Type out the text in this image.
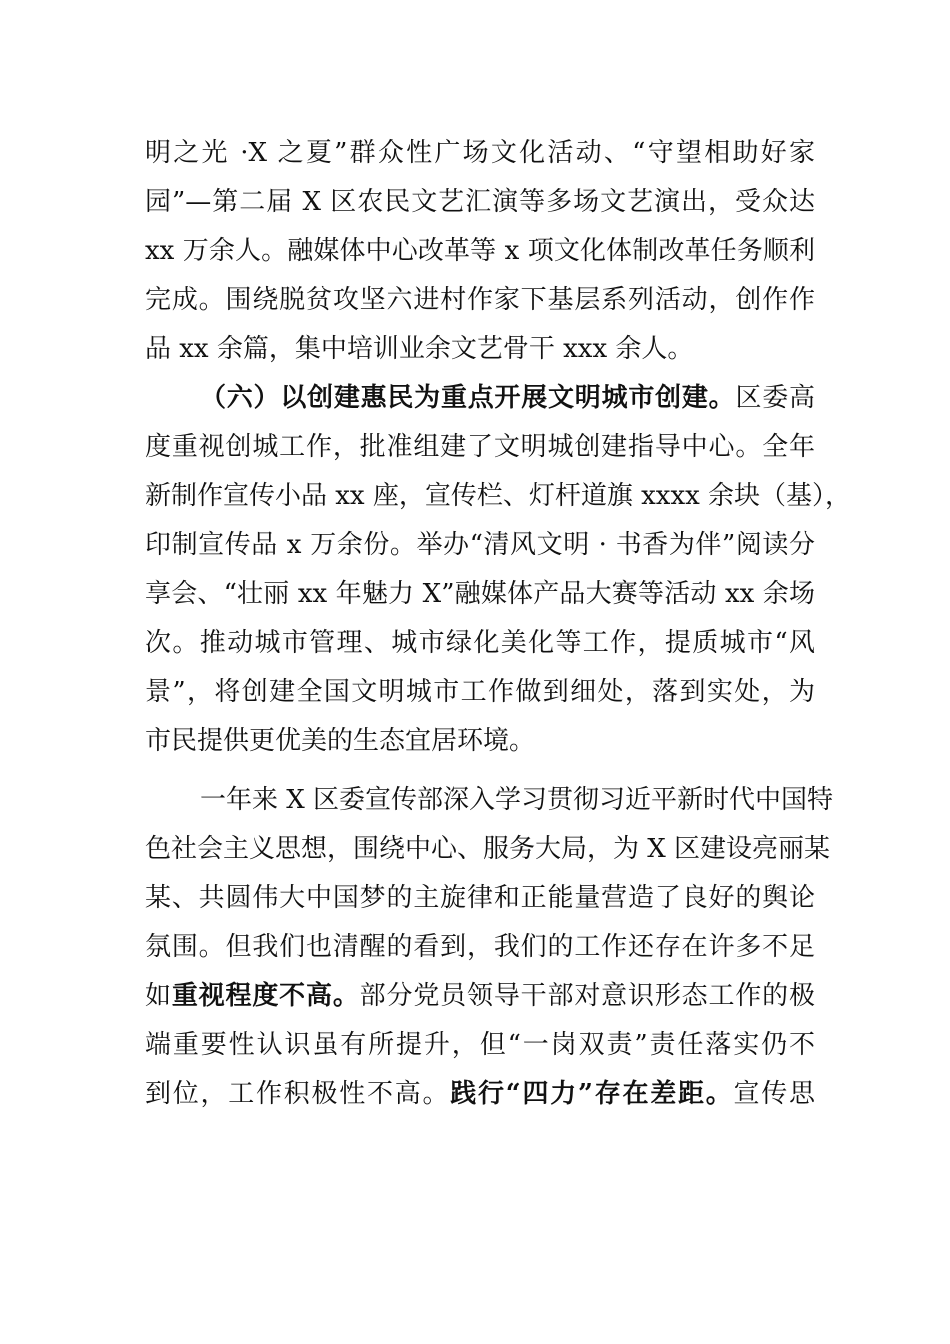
明之光 ·X 之夏”群众性广场文化活动、“守望相助好家
园”—第二届 X 区农民文艺汇演等多场文艺演出，受众达
xx 万余人。融媒体中心改革等 x 项文化体制改革任务顺利
完成。围绕脱贫攻坚六进村作家下基层系列活动，创作作
品 xx 余篇，集中培训业余文艺骨干 xxx 余人。
（六）以创建惠民为重点开展文明城市创建。区委高
度重视创城工作，批准组建了文明城创建指导中心。全年
新制作宣传小品 xx 座，宣传栏、灯杆道旗 xxxx 余块（基），
印制宣传品 x 万余份。举办“清风文明 · 书香为伴”阅读分
享会、“壮丽 xx 年魅力 X”融媒体产品大赛等活动 xx 余场
次。推动城市管理、城市绿化美化等工作，提质城市“风
景”，将创建全国文明城市工作做到细处，落到实处，为
市民提供更优美的生态宜居环境。
一年来 X 区委宣传部深入学习贯彻习近平新时代中国特
色社会主义思想，围绕中心、服务大局，为 X 区建设亮丽某
某、共圆伟大中国梦的主旋律和正能量营造了良好的舆论
氛围。但我们也清醒的看到，我们的工作还存在许多不足
如重视程度不高。部分党员领导干部对意识形态工作的极
端重要性认识虽有所提升，但“一岗双责”责任落实仍不
到位，工作积极性不高。践行“四力”存在差距。宣传思
